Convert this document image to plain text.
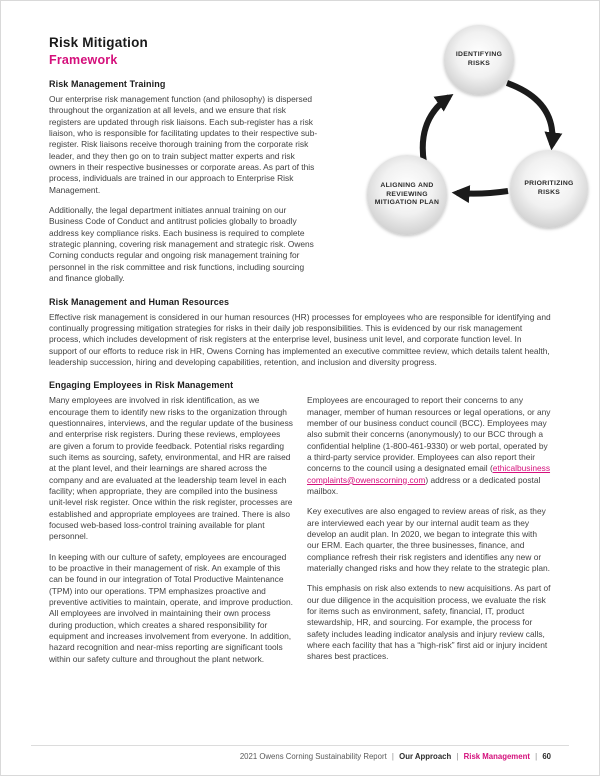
Risk Mitigation
Framework
Risk Management Training

Our enterprise risk management function (and philosophy) is dispersed throughout the organization at all levels, and we ensure that risk registers are updated through risk liaisons. Each sub-register has a risk liaison, who is responsible for facilitating updates to their respective sub-register. Risk liaisons receive thorough training from the corporate risk leader, and they then go on to train subject matter experts and risk owners in their respective businesses or corporate areas. As part of this process, individuals are trained in our approach to Enterprise Risk Management.

Additionally, the legal department initiates annual training on our Business Code of Conduct and antitrust policies globally to broadly address key compliance risks. Each business is required to complete strategic planning, covering risk management and strategic risk. Owens Corning conducts regular and ongoing risk management training for personnel in the risk committee and risk functions, including sourcing and finance globally.

IDENTIFYING RISKS
ALIGNING AND REVIEWING MITIGATION PLAN
PRIORITIZING RISKS
Risk Management and Human Resources

Effective risk management is considered in our human resources (HR) processes for employees who are responsible for identifying and continually progressing mitigation strategies for risks in their daily job responsibilities. This is evidenced by our risk management process, which includes development of risk registers at the enterprise level, business unit level, and corporate function level. In support of our efforts to reduce risk in HR, Owens Corning has implemented an executive committee review, which details talent health, leadership succession, hiring and developing capabilities, retention, and inclusion and diversity progress.

Engaging Employees in Risk Management

Many employees are involved in risk identification, as we encourage them to identify new risks to the organization through questionnaires, interviews, and the regular update of the business and enterprise risk registers. During these reviews, employees are given a forum to provide feedback. Potential risks regarding such items as sourcing, safety, environmental, and HR are raised at the plant level, and their learnings are shared across the company and are evaluated at the leadership team level in each facility; when appropriate, they are compiled into the business unit-level risk register. Once within the risk register, processes are established and appropriate employees are trained. There is also focused web-based loss-control training available for plant personnel.

In keeping with our culture of safety, employees are encouraged to be proactive in their management of risk. An example of this can be found in our integration of Total Productive Maintenance (TPM) into our operations. TPM emphasizes proactive and preventive activities to maintain, operate, and improve production. All employees are involved in maintaining their own process during production, which creates a shared responsibility for equipment and increases involvement from everyone. In addition, hazard recognition and near-miss reporting are significant tools within our safety culture and throughout the plant network.

Employees are encouraged to report their concerns to any manager, member of human resources or legal operations, or any member of our business conduct council (BCC). Employees may also submit their concerns (anonymously) to our BCC through a confidential helpline (1-800-461-9330) or web portal, operated by a third-party service provider. Employees can also report their concerns to the council using a designated email (ethicalbusinesscomplaints@owenscorning.com) address or a dedicated postal mailbox.

Key executives are also engaged to review areas of risk, as they are interviewed each year by our internal audit team as they develop an audit plan. In 2020, we began to integrate this with our ERM. Each quarter, the three businesses, finance, and compliance refresh their risk registers and identifies any new or materially changed risks and how they relate to the strategic plan.

This emphasis on risk also extends to new acquisitions. As part of our due diligence in the acquisition process, we evaluate the risk for items such as environment, safety, financial, IT, product stewardship, HR, and sourcing. For example, the process for safety includes leading indicator analysis and injury review calls, where each facility that has a “high-risk” first aid or injury incident shares best practices.

2021 Owens Corning Sustainability Report | Our Approach | Risk Management | 60
